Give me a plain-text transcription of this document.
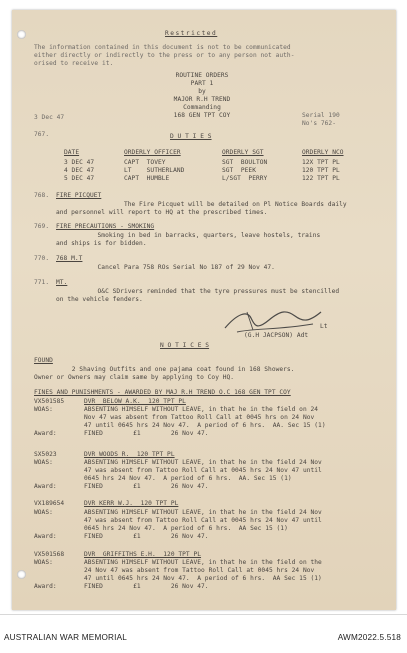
Restricted
The information contained in this document is not to be communicated
either directly or indirectly to the press or to any person not auth-
orised to receive it.
ROUTINE ORDERS
PART 1
by
MAJOR R.H TREND
Commanding
168 GEN TPT COY
3 Dec 47	Serial 190
No's 762-
767.	D U T I E S
DATE	ORDERLY OFFICER	ORDERLY SGT	ORDERLY NCO
3 DEC 47	CAPT  TOVEY	SGT  BOULTON	12X TPT PL
4 DEC 47	LT    SUTHERLAND	SGT  PEEK	120 TPT PL
5 DEC 47	CAPT  HUMBLE	L/SGT  PERRY	122 TPT PL
768. FIRE PICQUET
The Fire Picquet will be detailed on Pl Notice Boards daily
and personnel will report to HQ at the prescribed times.
769. FIRE PRECAUTIONS - SMOKING
Smoking in bed in barracks, quarters, leave hostels, trains
and ships is for bidden.
770. 768 M.T
Cancel Para 758 ROs Serial No 187 of 29 Nov 47.
771. MT.
O&C SDrivers reminded that the tyre pressures must be stencilled
on the vehicle fenders.
Lt
(G.H JACPSON) Adt
N O T I C E S
FOUND
2 Shaving Outfits and one pajama coat found in 168 Showers.
Owner or Owners may claim same by applying to Coy HQ.
FINES AND PUNISHMENTS - AWARDED BY MAJ R.H TREND O.C 168 GEN TPT COY
VX501585	DVR  BELOW A.K.  120 TPT PL
WOAS:	ABSENTING HIMSELF WITHOUT LEAVE, in that he in the field on 24
Nov 47 was absent from Tattoo Roll Call at 0045 hrs on 24 Nov
47 until 0645 hrs 24 Nov 47.  A period of 6 hrs.  AA. Sec 15 (1)
Award:	FINED        £1        26 Nov 47.
SX5023	DVR WOODS R.  120 TPT PL
WOAS:	ABSENTING HIMSELF WITHOUT LEAVE, in that he in the field 24 Nov
47 was absent from Tattoo Roll Call at 0045 hrs 24 Nov 47 until
0645 hrs 24 Nov 47.  A period of 6 hrs.  AA. Sec 15 (1)
Award:	FINED        £1        26 Nov 47.
VX189654	DVR KERR W.J.  120 TPT PL
WOAS:	ABSENTING HIMSELF WITHOUT LEAVE, in that he in the field 24 Nov
47 was absent from Tattoo Roll Call at 0045 hrs 24 Nov 47 until
0645 hrs 24 Nov 47.  A period of 6 hrs.  AA Sec 15 (1)
Award:	FINED        £1        26 Nov 47.
VX501568	DVR  GRIFFITHS E.H.  120 TPT PL
WOAS:	ABSENTING HIMSELF WITHOUT LEAVE, in that he in the field on the
24 Nov 47 was absent from Tattoo Roll Call at 0045 hrs 24 Nov
47 until 0645 hrs 24 Nov 47.  A period of 6 hrs.  AA Sec 15 (1)
Award:	FINED        £1        26 Nov 47.
AUSTRALIAN WAR MEMORIAL	AWM2022.5.518
